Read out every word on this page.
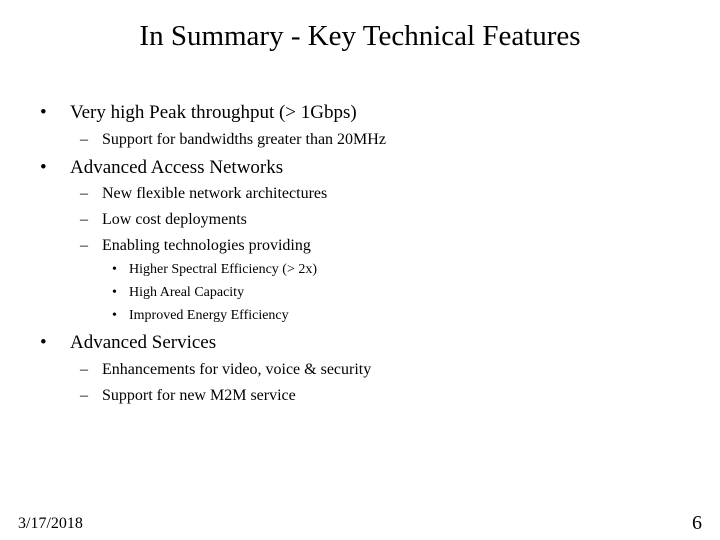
In Summary - Key Technical Features
• Very high Peak throughput (> 1Gbps)
– Support for bandwidths greater than 20MHz
• Advanced Access Networks
– New flexible network architectures
– Low cost deployments
– Enabling technologies providing
• Higher Spectral Efficiency (> 2x)
• High Areal Capacity
• Improved Energy Efficiency
• Advanced Services
– Enhancements for video, voice & security
– Support for new M2M service
3/17/2018	6
